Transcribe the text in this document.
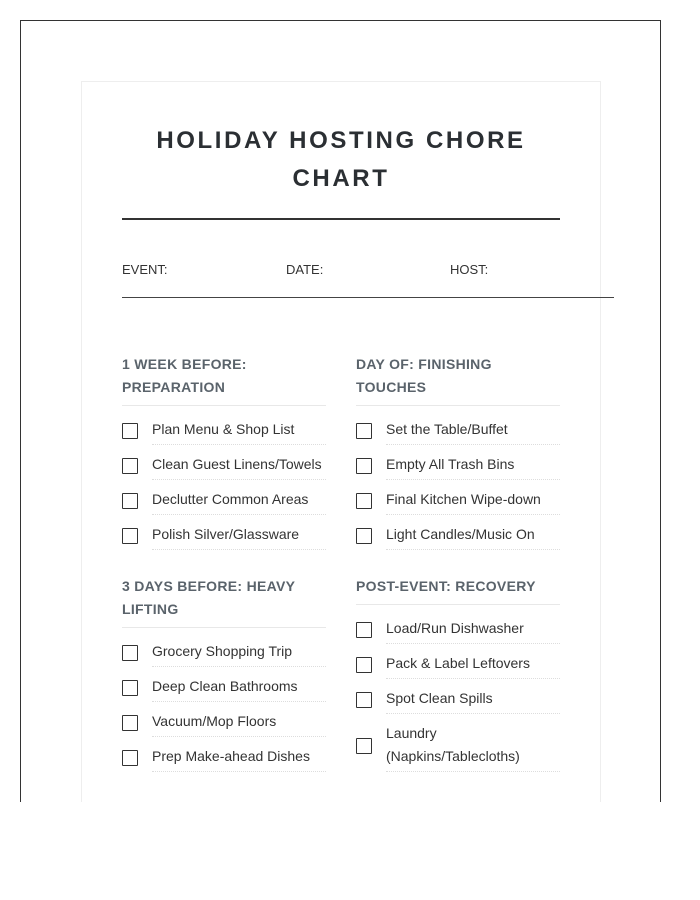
HOLIDAY HOSTING CHORE CHART
EVENT:	DATE:	HOST:
1 WEEK BEFORE: PREPARATION
Plan Menu & Shop List
Clean Guest Linens/Towels
Declutter Common Areas
Polish Silver/Glassware
3 DAYS BEFORE: HEAVY LIFTING
Grocery Shopping Trip
Deep Clean Bathrooms
Vacuum/Mop Floors
Prep Make-ahead Dishes
DAY OF: FINISHING TOUCHES
Set the Table/Buffet
Empty All Trash Bins
Final Kitchen Wipe-down
Light Candles/Music On
POST-EVENT: RECOVERY
Load/Run Dishwasher
Pack & Label Leftovers
Spot Clean Spills
Laundry (Napkins/Tablecloths)
